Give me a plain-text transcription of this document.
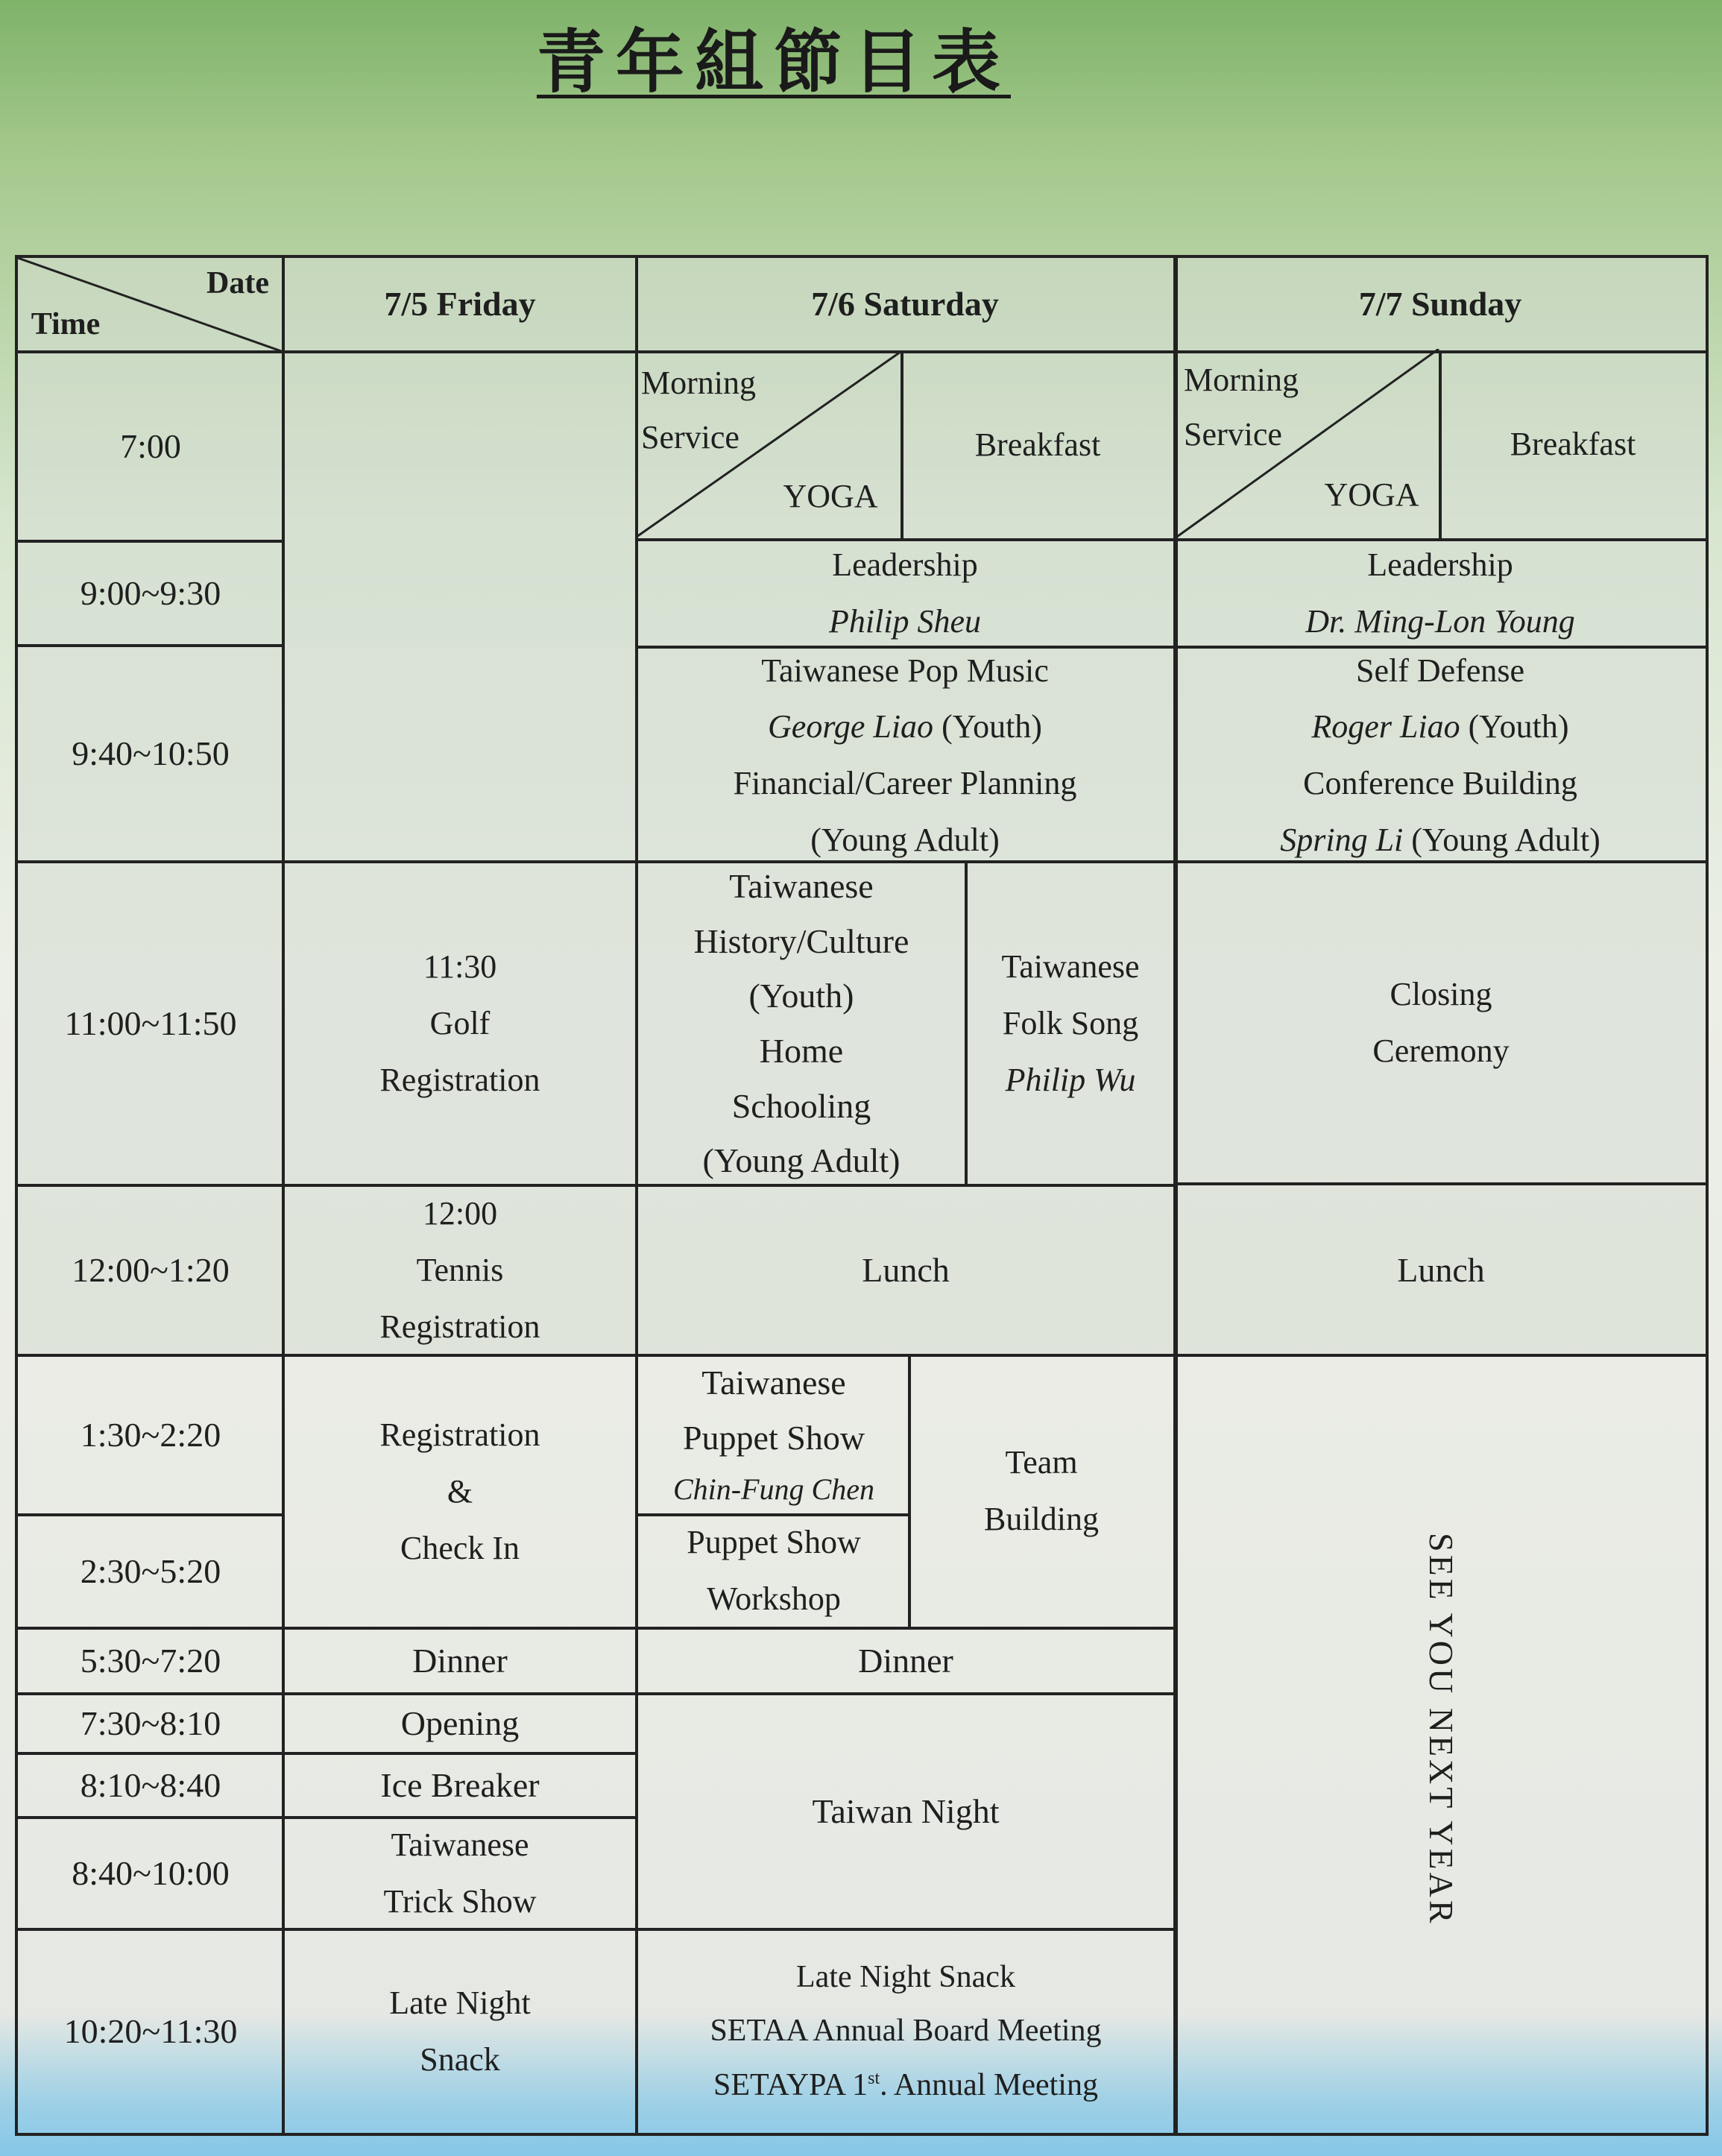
青年組節目表
Date
Time
7/5 Friday	7/6 Saturday	7/7 Sunday
7:00
9:00~9:30
9:40~10:50
11:00~11:50
12:00~1:20
1:30~2:20
2:30~5:20
5:30~7:20
7:30~8:10
8:10~8:40
8:40~10:00
10:20~11:30
11:30
Golf
Registration
12:00
Tennis
Registration
Registration
&
Check In
Dinner
Opening
Ice Breaker
Taiwanese
Trick Show
Late Night
Snack
Morning
Service
YOGA
Breakfast
Leadership
Philip Sheu
Taiwanese Pop Music
George Liao (Youth)
Financial/Career Planning
(Young Adult)
Taiwanese
History/Culture
(Youth)
Home
Schooling
(Young Adult)
Taiwanese
Folk Song
Philip Wu
Lunch
Taiwanese
Puppet Show
Chin-Fung Chen
Puppet Show
Workshop
Team
Building
Dinner
Taiwan Night
Late Night Snack
SETAA Annual Board Meeting
SETAYPA 1st. Annual Meeting
Morning
Service
YOGA
Breakfast
Leadership
Dr. Ming-Lon Young
Self Defense
Roger Liao (Youth)
Conference Building
Spring Li (Young Adult)
Closing
Ceremony
Lunch
SEE YOU NEXT YEAR
